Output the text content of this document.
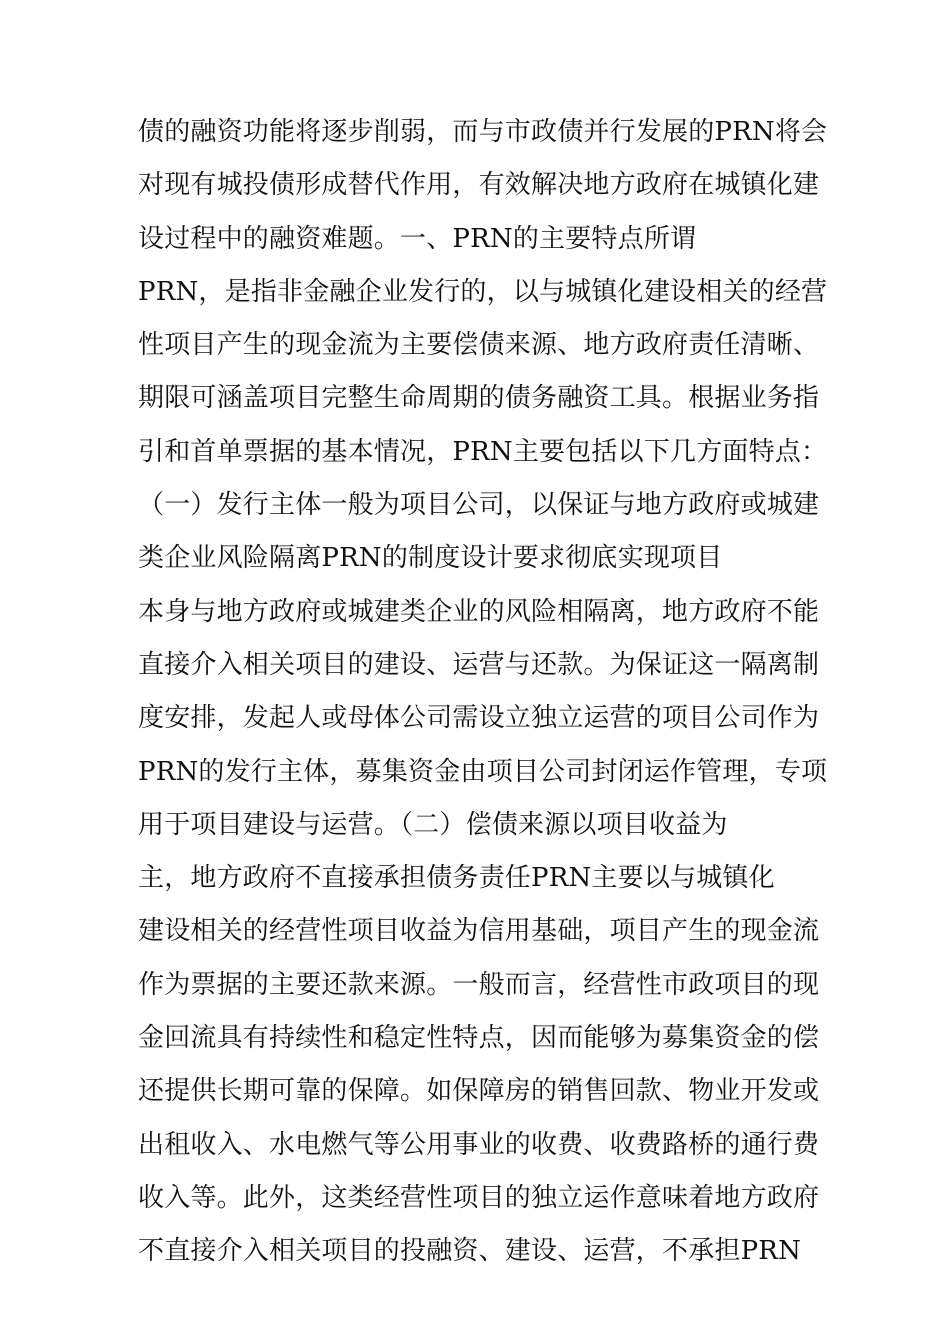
债的融资功能将逐步削弱，而与市政债并行发展的PRN将会
对现有城投债形成替代作用，有效解决地方政府在城镇化建
设过程中的融资难题。一、PRN的主要特点所谓
PRN，是指非金融企业发行的，以与城镇化建设相关的经营
性项目产生的现金流为主要偿债来源、地方政府责任清晰、
期限可涵盖项目完整生命周期的债务融资工具。根据业务指
引和首单票据的基本情况，PRN主要包括以下几方面特点：
（一）发行主体一般为项目公司，以保证与地方政府或城建
类企业风险隔离PRN的制度设计要求彻底实现项目
本身与地方政府或城建类企业的风险相隔离，地方政府不能
直接介入相关项目的建设、运营与还款。为保证这一隔离制
度安排，发起人或母体公司需设立独立运营的项目公司作为
PRN的发行主体，募集资金由项目公司封闭运作管理，专项
用于项目建设与运营。（二）偿债来源以项目收益为
主，地方政府不直接承担债务责任PRN主要以与城镇化
建设相关的经营性项目收益为信用基础，项目产生的现金流
作为票据的主要还款来源。一般而言，经营性市政项目的现
金回流具有持续性和稳定性特点，因而能够为募集资金的偿
还提供长期可靠的保障。如保障房的销售回款、物业开发或
出租收入、水电燃气等公用事业的收费、收费路桥的通行费
收入等。此外，这类经营性项目的独立运作意味着地方政府
不直接介入相关项目的投融资、建设、运营，不承担PRN
